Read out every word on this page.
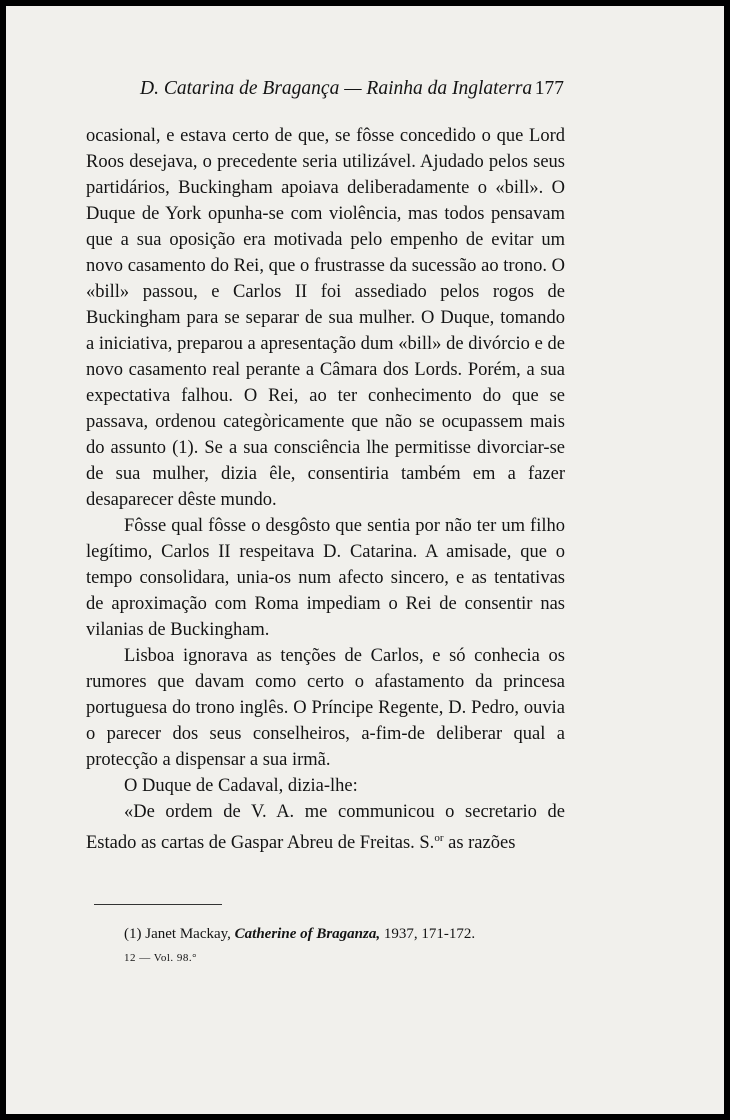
D. Catarina de Bragança — Rainha da Inglaterra 177

ocasional, e estava certo de que, se fôsse concedido o que Lord Roos desejava, o precedente seria utilizável. Ajudado pelos seus partidários, Buckingham apoiava deliberadamente o «bill». O Duque de York opunha-se com violência, mas todos pensavam que a sua oposição era motivada pelo empenho de evitar um novo casamento do Rei, que o frustrasse da sucessão ao trono. O «bill» passou, e Carlos II foi assediado pelos rogos de Buckingham para se separar de sua mulher. O Duque, tomando a iniciativa, preparou a apresentação dum «bill» de divórcio e de novo casamento real perante a Câmara dos Lords. Porém, a sua expectativa falhou. O Rei, ao ter conhecimento do que se passava, ordenou categòricamente que não se ocupassem mais do assunto (1). Se a sua consciência lhe permitisse divorciar-se de sua mulher, dizia êle, consentiria também em a fazer desaparecer dêste mundo.

Fôsse qual fôsse o desgôsto que sentia por não ter um filho legítimo, Carlos II respeitava D. Catarina. A amisade, que o tempo consolidara, unia-os num afecto sincero, e as tentativas de aproximação com Roma impediam o Rei de consentir nas vilanias de Buckingham.

Lisboa ignorava as tenções de Carlos, e só conhecia os rumores que davam como certo o afastamento da princesa portuguesa do trono inglês. O Príncipe Regente, D. Pedro, ouvia o parecer dos seus conselheiros, a-fim-de deliberar qual a protecção a dispensar a sua irmã.

O Duque de Cadaval, dizia-lhe:

«De ordem de V. A. me communicou o secretario de Estado as cartas de Gaspar Abreu de Freitas. S.$^{or}$ as razões

(1) Janet Mackay, Catherine of Braganza, 1937, 171-172.
12 — Vol. 98.°
